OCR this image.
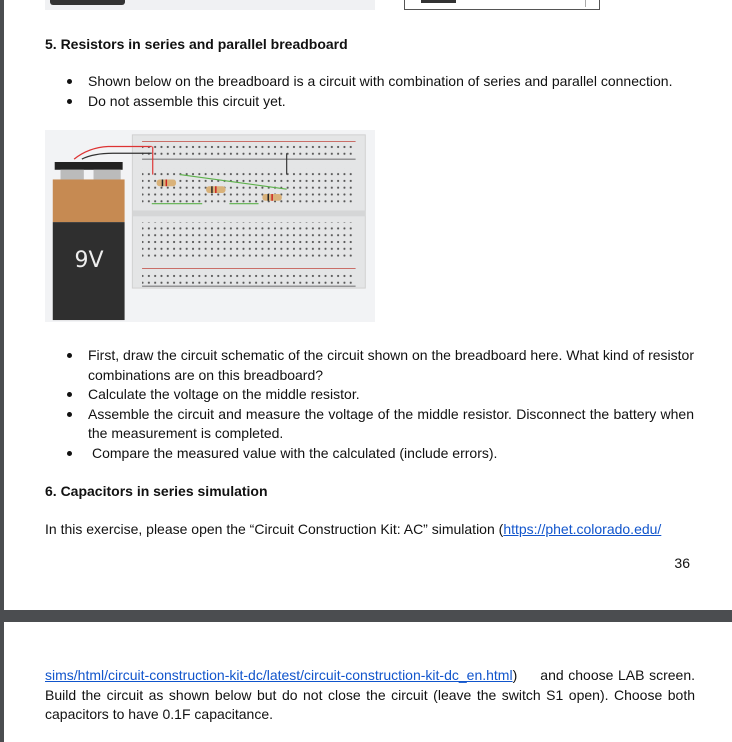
5. Resistors in series and parallel breadboard
Shown below on the breadboard is a circuit with combination of series and parallel connection.
Do not assemble this circuit yet.
9V
First, draw the circuit schematic of the circuit shown on the breadboard here. What kind of resistor combinations are on this breadboard?
Calculate the voltage on the middle resistor.
Assemble the circuit and measure the voltage of the middle resistor. Disconnect the battery when the measurement is completed.
Compare the measured value with the calculated (include errors).
6. Capacitors in series simulation
In this exercise, please open the “Circuit Construction Kit: AC” simulation (https://phet.colorado.edu/
36
sims/html/circuit-construction-kit-dc/latest/circuit-construction-kit-dc_en.html)     and choose LAB screen. Build the circuit as shown below but do not close the circuit (leave the switch S1 open). Choose both capacitors to have 0.1F capacitance.
